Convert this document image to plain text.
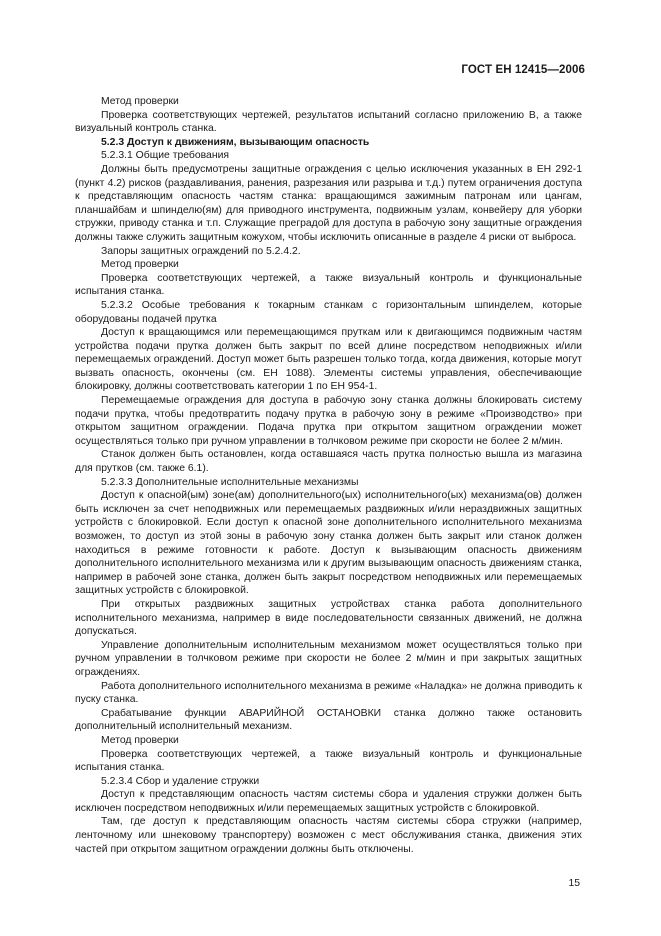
ГОСТ ЕН 12415—2006

Метод проверки

Проверка соответствующих чертежей, результатов испытаний согласно приложению В, а также визуальный контроль станка.

5.2.3 Доступ к движениям, вызывающим опасность

5.2.3.1 Общие требования

Должны быть предусмотрены защитные ограждения с целью исключения указанных в ЕН 292-1 (пункт 4.2) рисков (раздавливания, ранения, разрезания или разрыва и т.д.) путем ограничения доступа к представляющим опасность частям станка: вращающимся зажимным патронам или цангам, планшайбам и шпинделю(ям) для приводного инструмента, подвижным узлам, конвейеру для уборки стружки, приводу станка и т.п. Служащие преградой для доступа в рабочую зону защитные ограждения должны также служить защитным кожухом, чтобы исключить описанные в разделе 4 риски от выброса.

Запоры защитных ограждений по 5.2.4.2.

Метод проверки

Проверка соответствующих чертежей, а также визуальный контроль и функциональные испытания станка.

5.2.3.2 Особые требования к токарным станкам с горизонтальным шпинделем, которые оборудованы подачей прутка

Доступ к вращающимся или перемещающимся пруткам или к двигающимся подвижным частям устройства подачи прутка должен быть закрыт по всей длине посредством неподвижных и/или перемещаемых ограждений. Доступ может быть разрешен только тогда, когда движения, которые могут вызвать опасность, окончены (см. ЕН 1088). Элементы системы управления, обеспечивающие блокировку, должны соответствовать категории 1 по ЕН 954-1.

Перемещаемые ограждения для доступа в рабочую зону станка должны блокировать систему подачи прутка, чтобы предотвратить подачу прутка в рабочую зону в режиме «Производство» при открытом защитном ограждении. Подача прутка при открытом защитном ограждении может осуществляться только при ручном управлении в толчковом режиме при скорости не более 2 м/мин.

Станок должен быть остановлен, когда оставшаяся часть прутка полностью вышла из магазина для прутков (см. также 6.1).

5.2.3.3 Дополнительные исполнительные механизмы

Доступ к опасной(ым) зоне(ам) дополнительного(ых) исполнительного(ых) механизма(ов) должен быть исключен за счет неподвижных или перемещаемых раздвижных и/или нераздвижных защитных устройств с блокировкой. Если доступ к опасной зоне дополнительного исполнительного механизма возможен, то доступ из этой зоны в рабочую зону станка должен быть закрыт или станок должен находиться в режиме готовности к работе. Доступ к вызывающим опасность движениям дополнительного исполнительного механизма или к другим вызывающим опасность движениям станка, например в рабочей зоне станка, должен быть закрыт посредством неподвижных или перемещаемых защитных устройств с блокировкой.

При открытых раздвижных защитных устройствах станка работа дополнительного исполнительного механизма, например в виде последовательности связанных движений, не должна допускаться.

Управление дополнительным исполнительным механизмом может осуществляться только при ручном управлении в толчковом режиме при скорости не более 2 м/мин и при закрытых защитных ограждениях.

Работа дополнительного исполнительного механизма в режиме «Наладка» не должна приводить к пуску станка.

Срабатывание функции АВАРИЙНОЙ ОСТАНОВКИ станка должно также остановить дополнительный исполнительный механизм.

Метод проверки

Проверка соответствующих чертежей, а также визуальный контроль и функциональные испытания станка.

5.2.3.4 Сбор и удаление стружки

Доступ к представляющим опасность частям системы сбора и удаления стружки должен быть исключен посредством неподвижных и/или перемещаемых защитных устройств с блокировкой.

Там, где доступ к представляющим опасность частям системы сбора стружки (например, ленточному или шнековому транспортеру) возможен с мест обслуживания станка, движения этих частей при открытом защитном ограждении должны быть отключены.

15
